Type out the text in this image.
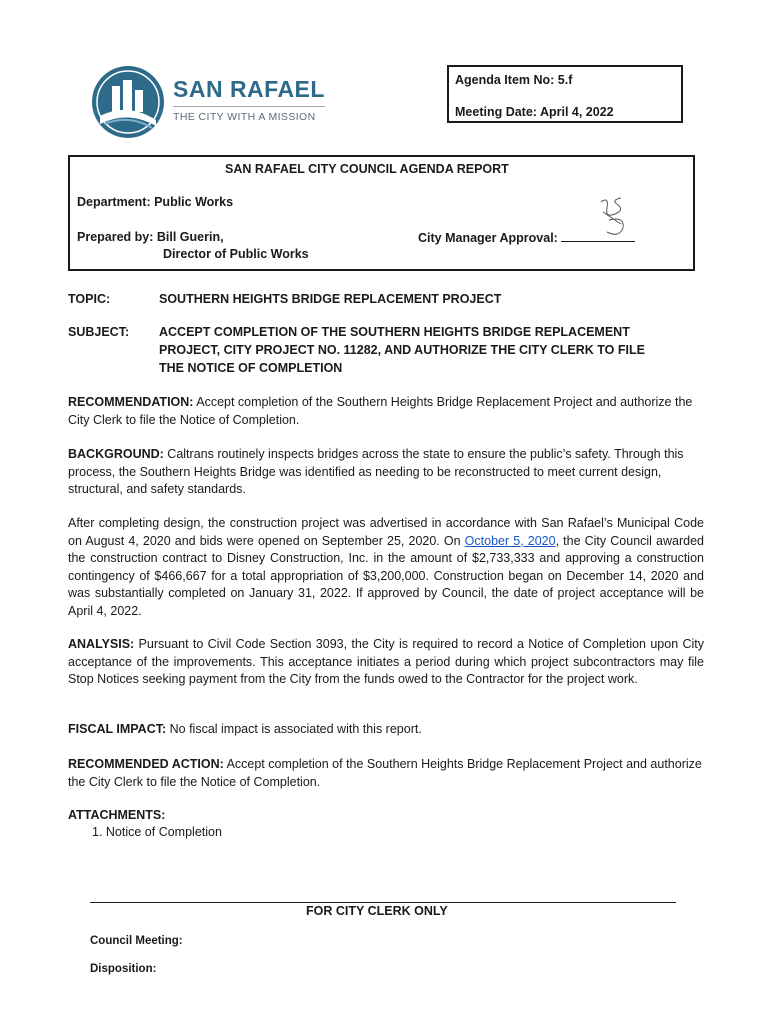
SAN RAFAEL
THE CITY WITH A MISSION
Agenda Item No: 5.f
Meeting Date: April 4, 2022
SAN RAFAEL CITY COUNCIL AGENDA REPORT
Department: Public Works
Prepared by: Bill Guerin,
Director of Public Works
City Manager Approval:
TOPIC:	SOUTHERN HEIGHTS BRIDGE REPLACEMENT PROJECT
SUBJECT: ACCEPT COMPLETION OF THE SOUTHERN HEIGHTS BRIDGE REPLACEMENT
PROJECT, CITY PROJECT NO. 11282, AND AUTHORIZE THE CITY CLERK TO FILE
THE NOTICE OF COMPLETION
RECOMMENDATION: Accept completion of the Southern Heights Bridge Replacement Project and authorize the City Clerk to file the Notice of Completion.
BACKGROUND: Caltrans routinely inspects bridges across the state to ensure the public’s safety. Through this process, the Southern Heights Bridge was identified as needing to be reconstructed to meet current design, structural, and safety standards.
After completing design, the construction project was advertised in accordance with San Rafael’s Municipal Code on August 4, 2020 and bids were opened on September 25, 2020. On October 5, 2020, the City Council awarded the construction contract to Disney Construction, Inc. in the amount of $2,733,333 and approving a construction contingency of $466,667 for a total appropriation of $3,200,000. Construction began on December 14, 2020 and was substantially completed on January 31, 2022. If approved by Council, the date of project acceptance will be April 4, 2022.
ANALYSIS: Pursuant to Civil Code Section 3093, the City is required to record a Notice of Completion upon City acceptance of the improvements. This acceptance initiates a period during which project subcontractors may file Stop Notices seeking payment from the City from the funds owed to the Contractor for the project work.
FISCAL IMPACT: No fiscal impact is associated with this report.
RECOMMENDED ACTION: Accept completion of the Southern Heights Bridge Replacement Project and authorize the City Clerk to file the Notice of Completion.
ATTACHMENTS:
1. Notice of Completion
FOR CITY CLERK ONLY
Council Meeting:
Disposition:
